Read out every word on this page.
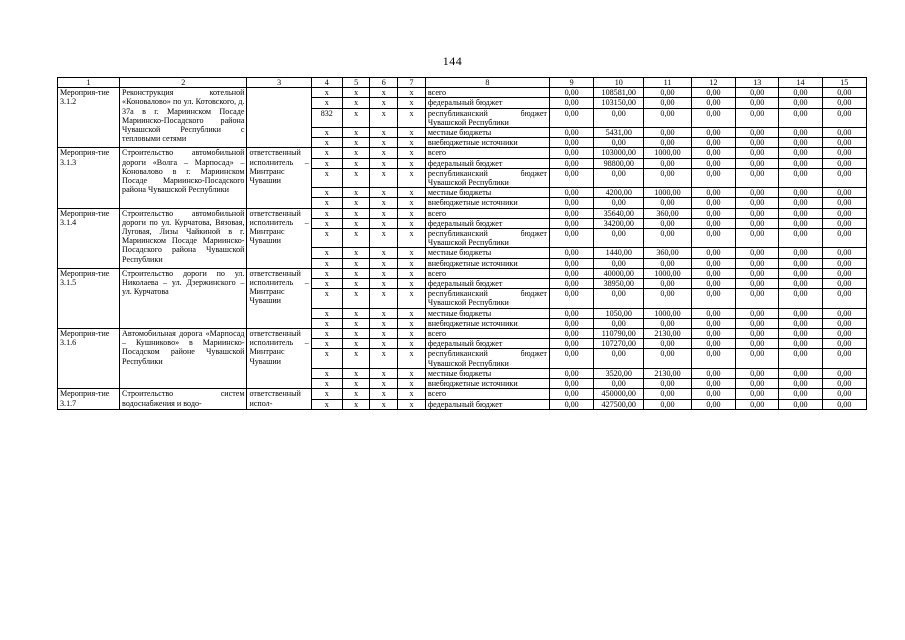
144
1	2	3	4	5	6	7	8	9	10	11	12	13	14	15
Мероприя-тие 3.1.2	Реконструкция котельной «Коновалово» по ул. Котовского, д. 37а в г. Мариинском Посаде Мариинско-Посадского района Чувашской Республики с тепловыми сетями		x	x	x	x	всего	0,00	108581,00	0,00	0,00	0,00	0,00	0,00
			x	x	x	x	федеральный бюджет	0,00	103150,00	0,00	0,00	0,00	0,00	0,00
			832	x	x	x	республиканский бюджет Чувашской Республики	0,00	0,00	0,00	0,00	0,00	0,00	0,00
			x	x	x	x	местные бюджеты	0,00	5431,00	0,00	0,00	0,00	0,00	0,00
			x	x	x	x	внебюджетные источники	0,00	0,00	0,00	0,00	0,00	0,00	0,00
Мероприя-тие 3.1.3	Строительство автомобильной дороги «Волга – Марпосад» – Коновалово в г. Мариинском Посаде Мариинско-Посадского района Чувашской Республики	ответственный исполнитель – Минтранс Чувашии	x	x	x	x	всего	0,00	103000,00	1000,00	0,00	0,00	0,00	0,00
			x	x	x	x	федеральный бюджет	0,00	98800,00	0,00	0,00	0,00	0,00	0,00
			x	x	x	x	республиканский бюджет Чувашской Республики	0,00	0,00	0,00	0,00	0,00	0,00	0,00
			x	x	x	x	местные бюджеты	0,00	4200,00	1000,00	0,00	0,00	0,00	0,00
			x	x	x	x	внебюджетные источники	0,00	0,00	0,00	0,00	0,00	0,00	0,00
Мероприя-тие 3.1.4	Строительство автомобильной дороги по ул. Курчатова, Вязовая, Луговая, Лизы Чайкиной в г. Мариинском Посаде Мариинско-Посадского района Чувашской Республики	ответственный исполнитель – Минтранс Чувашии	x	x	x	x	всего	0,00	35640,00	360,00	0,00	0,00	0,00	0,00
			x	x	x	x	федеральный бюджет	0,00	34200,00	0,00	0,00	0,00	0,00	0,00
			x	x	x	x	республиканский бюджет Чувашской Республики	0,00	0,00	0,00	0,00	0,00	0,00	0,00
			x	x	x	x	местные бюджеты	0,00	1440,00	360,00	0,00	0,00	0,00	0,00
			x	x	x	x	внебюджетные источники	0,00	0,00	0,00	0,00	0,00	0,00	0,00
Мероприя-тие 3.1.5	Строительство дороги по ул. Николаева – ул. Дзержинского – ул. Курчатова	ответственный исполнитель – Минтранс Чувашии	x	x	x	x	всего	0,00	40000,00	1000,00	0,00	0,00	0,00	0,00
			x	x	x	x	федеральный бюджет	0,00	38950,00	0,00	0,00	0,00	0,00	0,00
			x	x	x	x	республиканский бюджет Чувашской Республики	0,00	0,00	0,00	0,00	0,00	0,00	0,00
			x	x	x	x	местные бюджеты	0,00	1050,00	1000,00	0,00	0,00	0,00	0,00
			x	x	x	x	внебюджетные источники	0,00	0,00	0,00	0,00	0,00	0,00	0,00
Мероприя-тие 3.1.6	Автомобильная дорога «Марпосад – Кушниково» в Мариинско-Посадском районе Чувашской Республики	ответственный исполнитель – Минтранс Чувашии	x	x	x	x	всего	0,00	110790,00	2130,00	0,00	0,00	0,00	0,00
			x	x	x	x	федеральный бюджет	0,00	107270,00	0,00	0,00	0,00	0,00	0,00
			x	x	x	x	республиканский бюджет Чувашской Республики	0,00	0,00	0,00	0,00	0,00	0,00	0,00
			x	x	x	x	местные бюджеты	0,00	3520,00	2130,00	0,00	0,00	0,00	0,00
			x	x	x	x	внебюджетные источники	0,00	0,00	0,00	0,00	0,00	0,00	0,00
Мероприя-тие 3.1.7	Строительство систем водоснабжения и водо-	ответственный испол-	x	x	x	x	всего	0,00	450000,00	0,00	0,00	0,00	0,00	0,00
			x	x	x	x	федеральный бюджет	0,00	427500,00	0,00	0,00	0,00	0,00	0,00
